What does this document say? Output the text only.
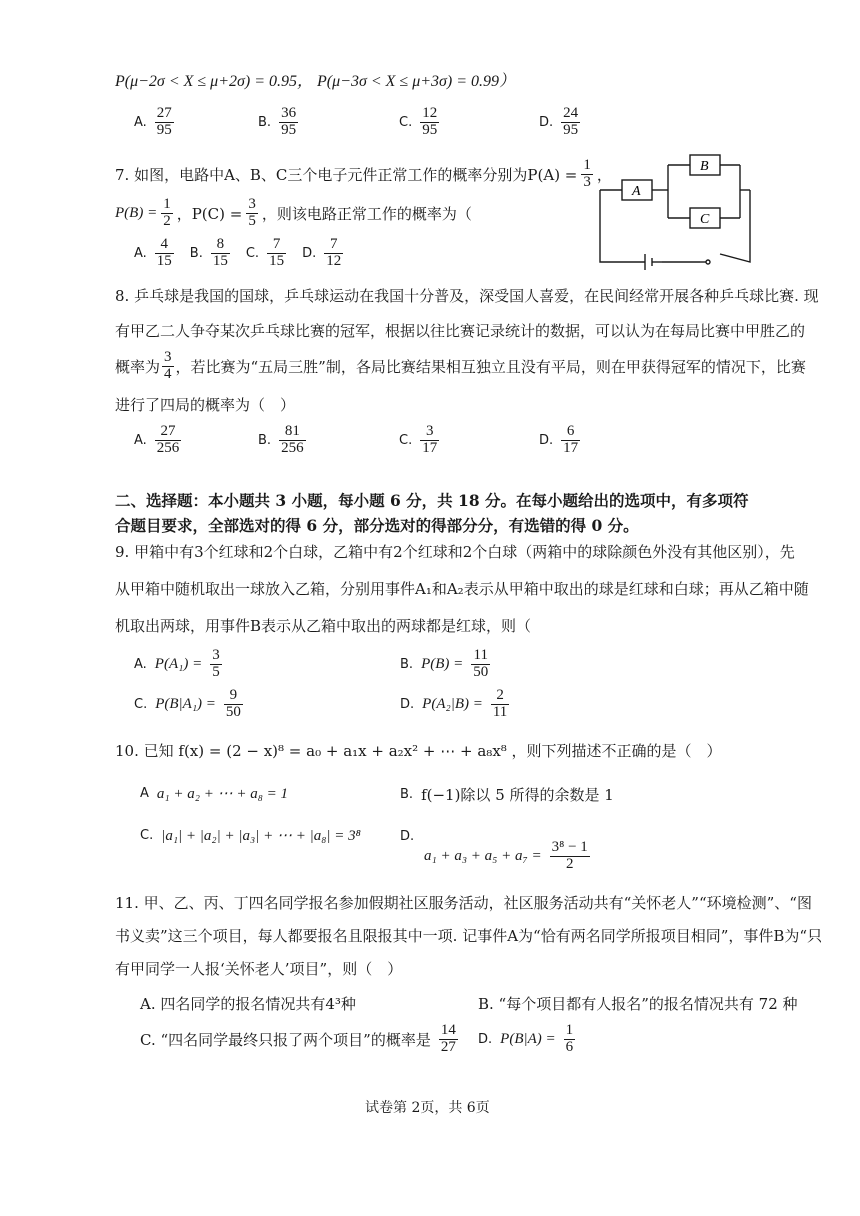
P(μ−2σ < X ≤ μ+2σ) = 0.95， P(μ−3σ < X ≤ μ+3σ) = 0.99）
A. $\frac{27}{95}$	B. $\frac{36}{95}$	C. $\frac{12}{95}$	D. $\frac{24}{95}$
7. 如图，电路中A、B、C三个电子元件正常工作的概率分别为$P(A) = \frac{1}{3}$ ，
$P(B) = \frac{1}{2}$ ，$P(C) = \frac{3}{5}$ ，则该电路正常工作的概率为（
A. $\frac{4}{15} B$. $\frac{8}{15} C$. $\frac{7}{15} D$. $\frac{7}{12}$
A
B
C
8. 乒乓球是我国的国球，乒乓球运动在我国十分普及，深受国人喜爱，在民间经常开展各种乒乓球比赛. 现
有甲乙二人争夺某次乒乓球比赛的冠军，根据以往比赛记录统计的数据，可以认为在每局比赛中甲胜乙的
概率为 $\frac{3}{4}$ ，若比赛为“五局三胜”制，各局比赛结果相互独立且没有平局，则在甲获得冠军的情况下，比赛
进行了四局的概率为（　）
A. $\frac{27}{256}$	B. $\frac{81}{256}$	C. $\frac{3}{17}$	D. $\frac{6}{17}$
二、选择题：本小题共 3 小题，每小题 6 分，共 18 分。在每小题给出的选项中，有多项符
合题目要求，全部选对的得 6 分，部分选对的得部分分，有选错的得 0 分。
9. 甲箱中有3个红球和2个白球，乙箱中有2个红球和2个白球（两箱中的球除颜色外没有其他区别），先
从甲箱中随机取出一球放入乙箱，分别用事件A₁和A₂表示从甲箱中取出的球是红球和白球；再从乙箱中随
机取出两球，用事件B表示从乙箱中取出的两球都是红球，则（
A. $P(A_1) = \frac{3}{5}$	B. $P(B) = \frac{11}{50}$
C. $P(B|A_1) = \frac{9}{50}$	D. $P(A_2|B) = \frac{2}{11}$
10. 已知 f(x) = (2 − x)⁸ = a₀ + a₁x + a₂x² + ⋯ + a₈x⁸ ，则下列描述不正确的是（　）
A a₁ + a₂ + ⋯ + a₈ = 1	B. f(−1)除以 5 所得的余数是 1
C. |a₁| + |a₂| + |a₃| + ⋯ + |a₈| = 3⁸	D.
$a_1 + a_3 + a_5 + a_7 = \frac{\text{3⁸ − 1}}{2}$
11. 甲、乙、丙、丁四名同学报名参加假期社区服务活动，社区服务活动共有“关怀老人”“环境检测”、“图
书义卖”这三个项目，每人都要报名且限报其中一项. 记事件A为“恰有两名同学所报项目相同”，事件B为“只
有甲同学一人报‘关怀老人’项目”，则（　）
A. 四名同学的报名情况共有4³种	B. “每个项目都有人报名”的报名情况共有 72 种
C. “四名同学最终只报了两个项目”的概率是 $\frac{14}{27} D$. $P(B|A) = \frac{1}{6}$
试卷第 2页，共 6页
